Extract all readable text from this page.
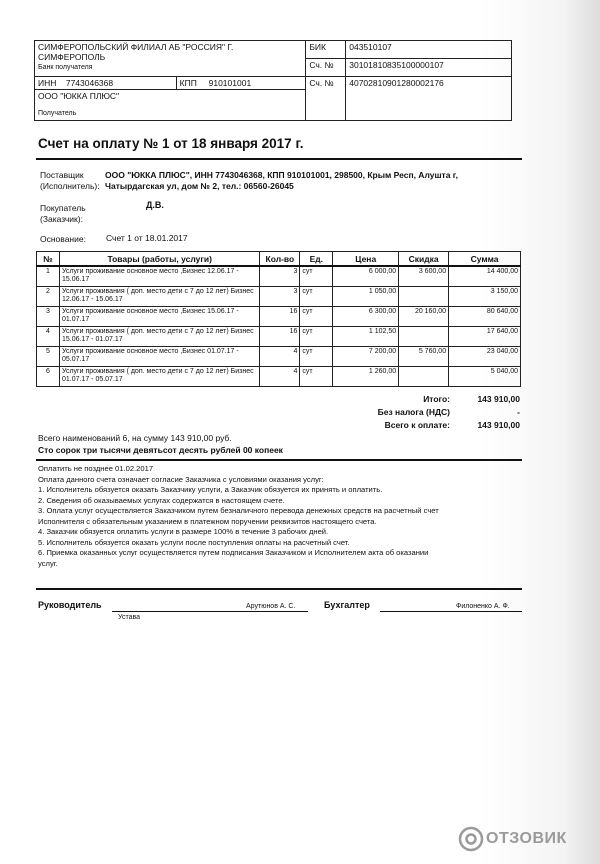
СИМФЕРОПОЛЬСКИЙ ФИЛИАЛ АБ "РОССИЯ" Г. СИМФЕРОПОЛЬ
Банк получателя		БИК	043510107
		Сч. №	30101810835100000107
ИНН 7743046368	КПП 910101001	Сч. №	40702810901280002176

ООО "ЮККА ПЛЮС"
Получатель			
Счет на оплату № 1 от 18 января 2017 г.
Поставщик
(Исполнитель):
ООО "ЮККА ПЛЮС", ИНН 7743046368, КПП 910101001, 298500, Крым Респ, Алушта г,
Чатырдагская ул, дом № 2, тел.: 06560-26045
Покупатель
(Заказчик):
Д.В.
Основание: Счет 1 от 18.01.2017
№	Товары (работы, услуги)	Кол-во	Ед.	Цена	Скидка	Сумма
1	Услуги проживание основное место ,Бизнес 12.06.17 - 15.06.17	3	сут	6 000,00	3 600,00	14 400,00
2	Услуги проживания ( доп. место дети с 7 до 12 лет) Бизнес 12.06.17 - 15.06.17	3	сут	1 050,00		3 150,00
3	Услуги проживание основное место ,Бизнес 15.06.17 - 01.07.17	16	сут	6 300,00	20 160,00	80 640,00
4	Услуги проживания ( доп. место дети с 7 до 12 лет) Бизнес 15.06.17 - 01.07.17	16	сут	1 102,50		17 640,00
5	Услуги проживание основное место ,Бизнес 01.07.17 - 05.07.17	4	сут	7 200,00	5 760,00	23 040,00
6	Услуги проживания ( доп. место дети с 7 до 12 лет) Бизнес 01.07.17 - 05.07.17	4	сут	1 260,00		5 040,00
Итого:	143 910,00
Без налога (НДС)	-
Всего к оплате:	143 910,00
Всего наименований 6, на сумму 143 910,00 руб.
Сто сорок три тысячи девятьсот десять рублей 00 копеек
Оплатить не позднее 01.02.2017
Оплата данного счета означает согласие Заказчика с условиями оказания услуг:
1. Исполнитель обязуется оказать Заказчику услуги, а Заказчик обязуется их принять и оплатить.
2. Сведения об оказываемых услугах содержатся в настоящем счете.
3. Оплата услуг осуществляется Заказчиком путем безналичного перевода денежных средств на расчетный счет
Исполнителя с обязательным указанием в платежном поручении реквизитов настоящего счета.
4. Заказчик обязуется оплатить услуги в размере 100% в течение 3 рабочих дней.
5. Исполнитель обязуется оказать услуги после поступления оплаты на расчетный счет.
6. Приемка оказанных услуг осуществляется путем подписания Заказчиком и Исполнителем акта об оказании
услуг.
Руководитель	Арутюнов А. С.
Устава
Бухгалтер	Филоненко А. Ф.
ОТЗОВИК
